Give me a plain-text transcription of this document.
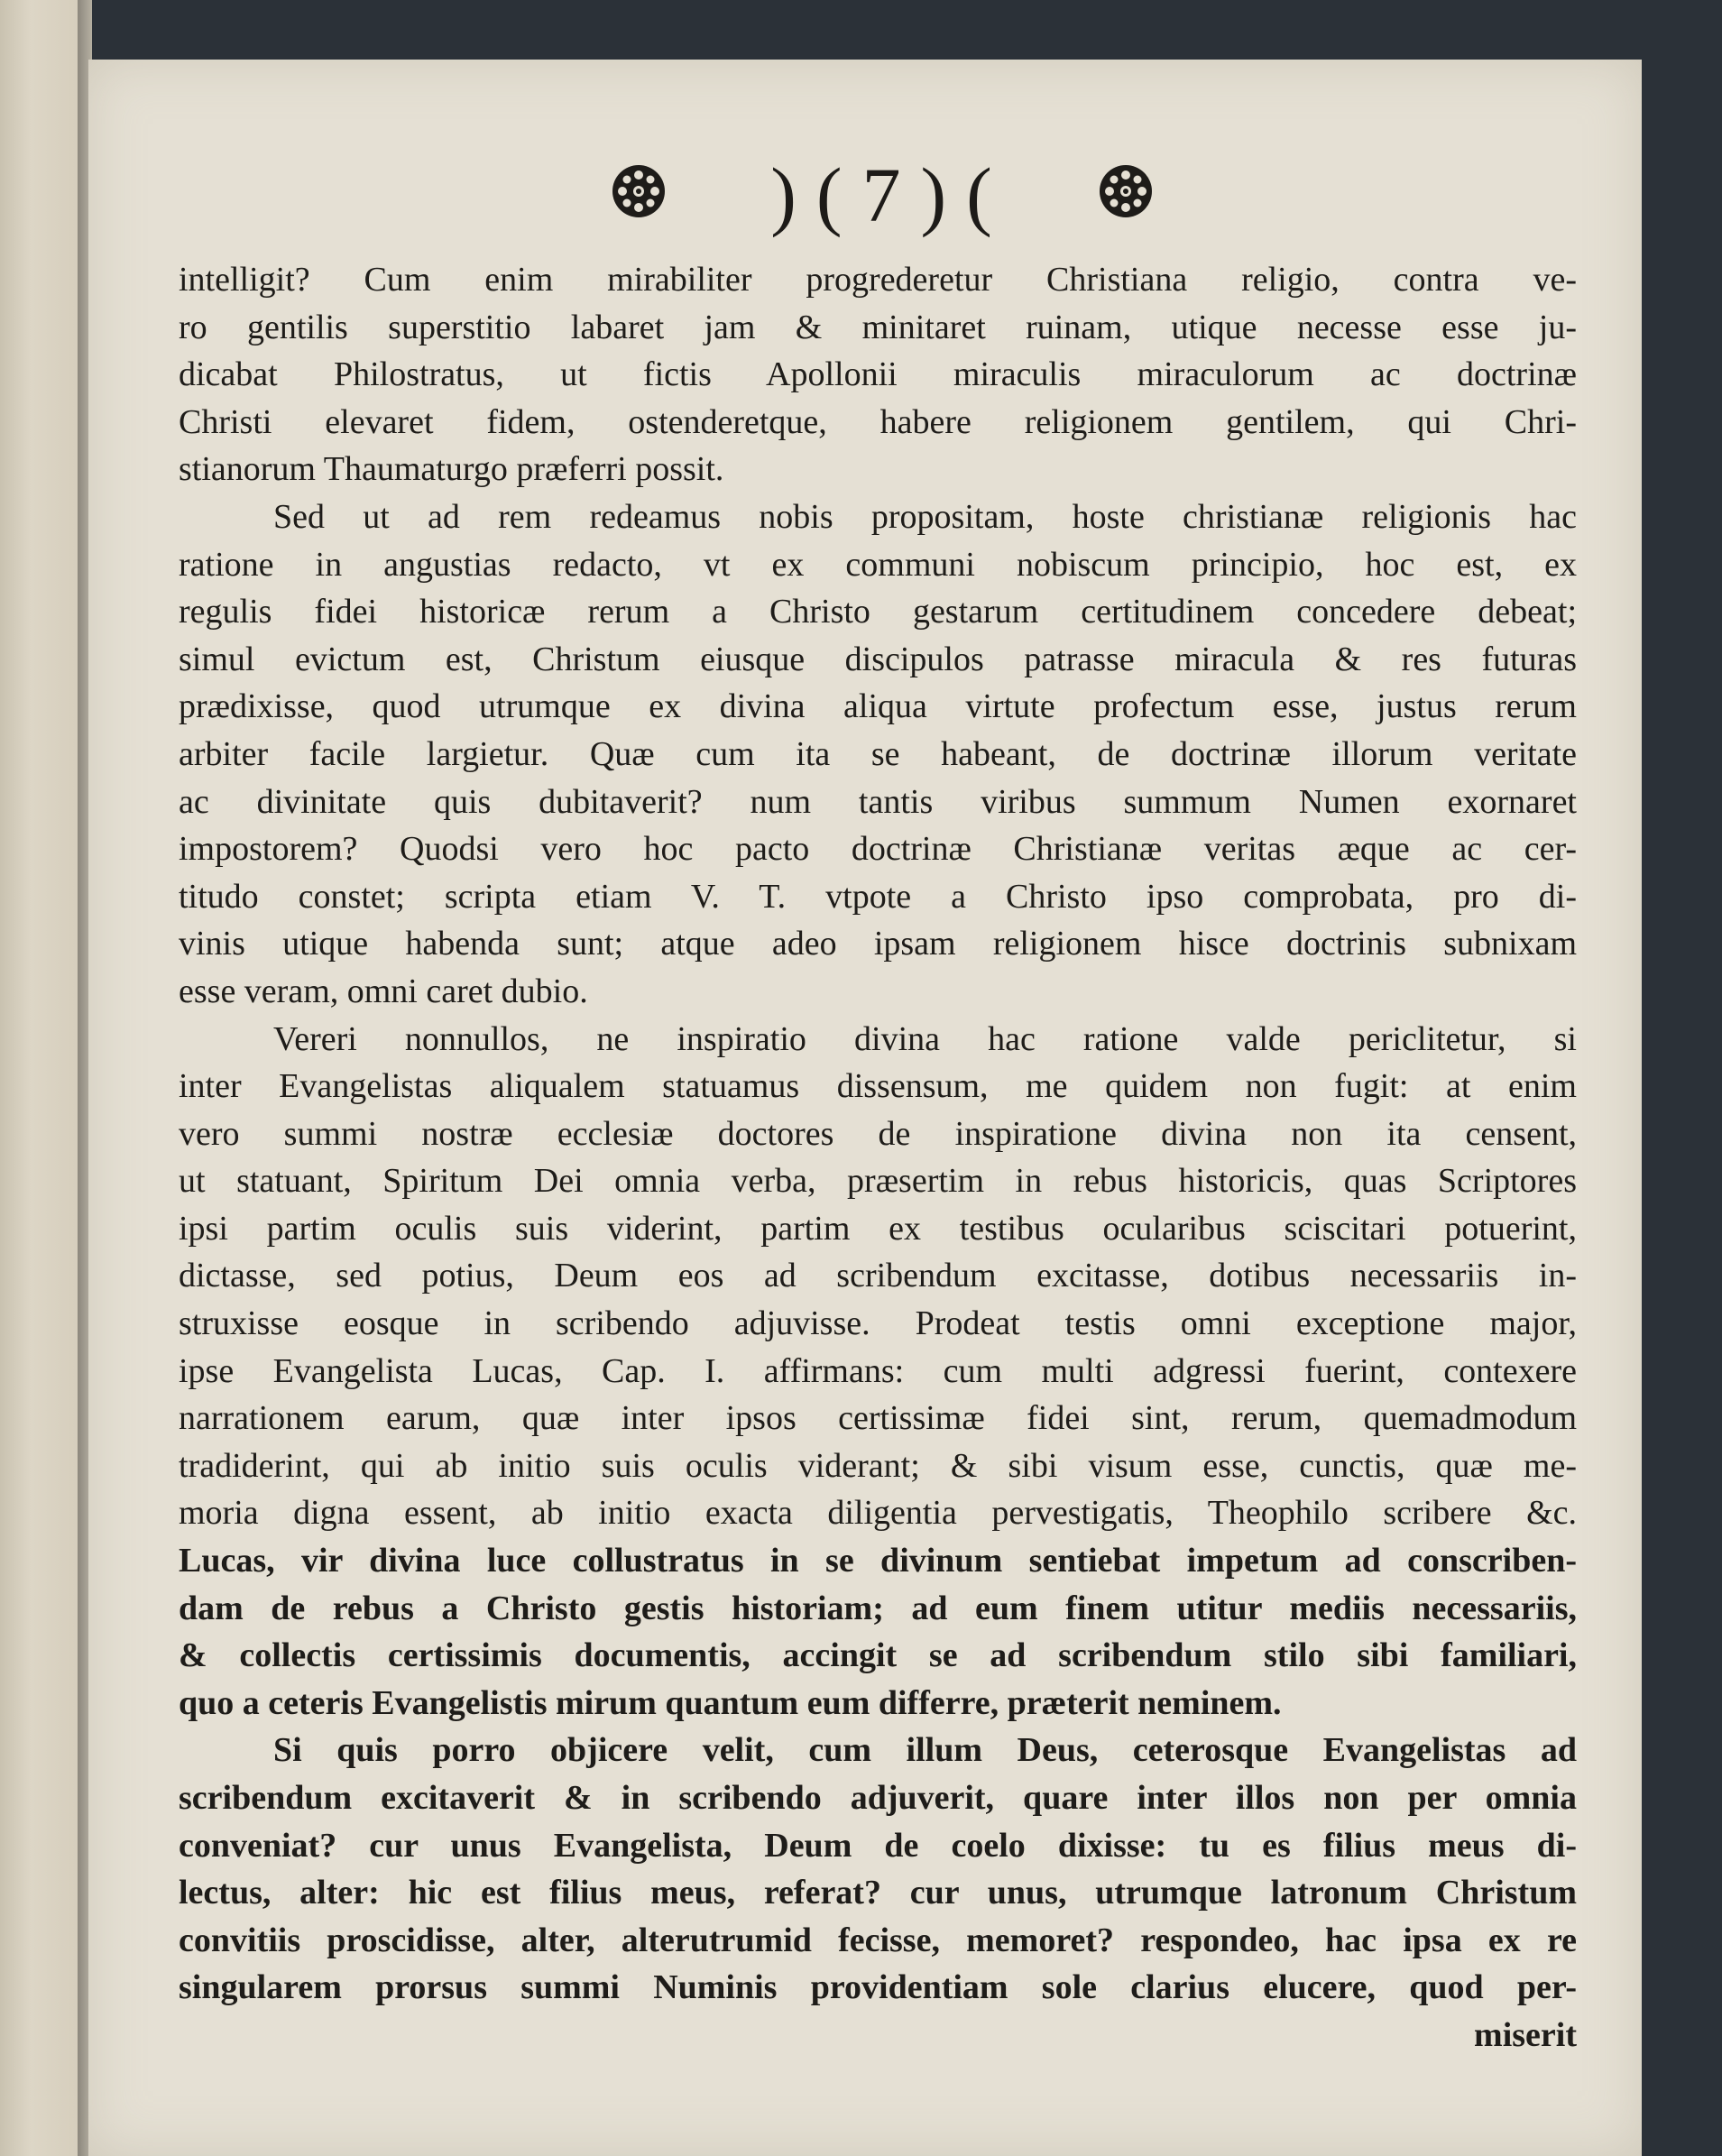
)(7)(
intelligit? Cum enim mirabiliter progrederetur Christiana religio, contra ve-
ro gentilis superstitio labaret jam & minitaret ruinam, utique necesse esse ju-
dicabat Philostratus, ut fictis Apollonii miraculis miraculorum ac doctrinæ
Christi elevaret fidem, ostenderetque, habere religionem gentilem, qui Chri-
stianorum Thaumaturgo præferri possit.
Sed ut ad rem redeamus nobis propositam, hoste christianæ religionis hac
ratione in angustias redacto, vt ex communi nobiscum principio, hoc est, ex
regulis fidei historicæ rerum a Christo gestarum certitudinem concedere debeat;
simul evictum est, Christum eiusque discipulos patrasse miracula & res futuras
prædixisse, quod utrumque ex divina aliqua virtute profectum esse, justus rerum
arbiter facile largietur. Quæ cum ita se habeant, de doctrinæ illorum veritate
ac divinitate quis dubitaverit? num tantis viribus summum Numen exornaret
impostorem? Quodsi vero hoc pacto doctrinæ Christianæ veritas æque ac cer-
titudo constet; scripta etiam V. T. vtpote a Christo ipso comprobata, pro di-
vinis utique habenda sunt; atque adeo ipsam religionem hisce doctrinis subnixam
esse veram, omni caret dubio.
Vereri nonnullos, ne inspiratio divina hac ratione valde periclitetur, si
inter Evangelistas aliqualem statuamus dissensum, me quidem non fugit: at enim
vero summi nostræ ecclesiæ doctores de inspiratione divina non ita censent,
ut statuant, Spiritum Dei omnia verba, præsertim in rebus historicis, quas Scriptores
ipsi partim oculis suis viderint, partim ex testibus ocularibus sciscitari potuerint,
dictasse, sed potius, Deum eos ad scribendum excitasse, dotibus necessariis in-
struxisse eosque in scribendo adjuvisse. Prodeat testis omni exceptione major,
ipse Evangelista Lucas, Cap. I. affirmans: cum multi adgressi fuerint, contexere
narrationem earum, quæ inter ipsos certissimæ fidei sint, rerum, quemadmodum
tradiderint, qui ab initio suis oculis viderant; & sibi visum esse, cunctis, quæ me-
moria digna essent, ab initio exacta diligentia pervestigatis, Theophilo scribere &c.
Lucas, vir divina luce collustratus in se divinum sentiebat impetum ad conscriben-
dam de rebus a Christo gestis historiam; ad eum finem utitur mediis necessariis,
& collectis certissimis documentis, accingit se ad scribendum stilo sibi familiari,
quo a ceteris Evangelistis mirum quantum eum differre, præterit neminem.
Si quis porro objicere velit, cum illum Deus, ceterosque Evangelistas ad
scribendum excitaverit & in scribendo adjuverit, quare inter illos non per omnia
conveniat? cur unus Evangelista, Deum de coelo dixisse: tu es filius meus di-
lectus, alter: hic est filius meus, referat? cur unus, utrumque latronum Christum
convitiis proscidisse, alter, alterutrumid fecisse, memoret? respondeo, hac ipsa ex re
singularem prorsus summi Numinis providentiam sole clarius elucere, quod per-
miserit
